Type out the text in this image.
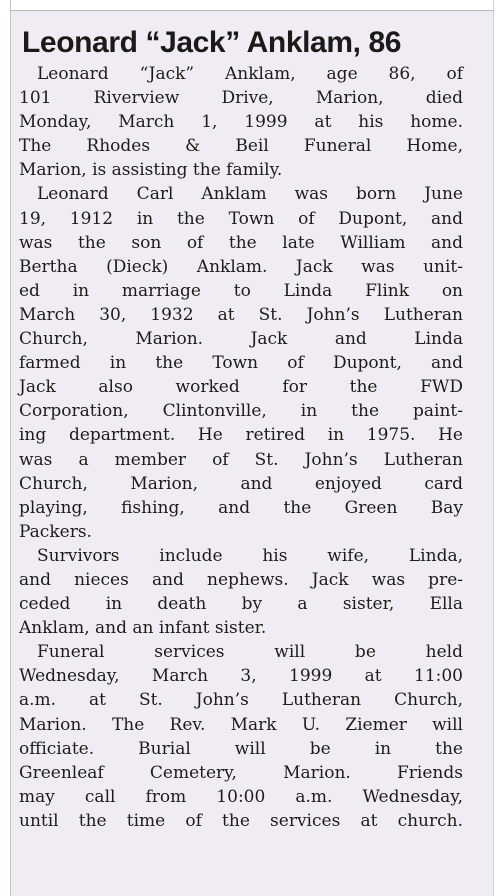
Leonard “Jack” Anklam, 86

Leonard “Jack” Anklam, age 86, of
101 Riverview Drive, Marion, died
Monday, March 1, 1999 at his home.
The Rhodes & Beil Funeral Home,
Marion, is assisting the family.

Leonard Carl Anklam was born June
19, 1912 in the Town of Dupont, and
was the son of the late William and
Bertha (Dieck) Anklam. Jack was unit-
ed in marriage to Linda Flink on
March 30, 1932 at St. John’s Lutheran
Church, Marion. Jack and Linda
farmed in the Town of Dupont, and
Jack also worked for the FWD
Corporation, Clintonville, in the paint-
ing department. He retired in 1975. He
was a member of St. John’s Lutheran
Church, Marion, and enjoyed card
playing, fishing, and the Green Bay
Packers.

Survivors include his wife, Linda,
and nieces and nephews. Jack was pre-
ceded in death by a sister, Ella
Anklam, and an infant sister.

Funeral services will be held
Wednesday, March 3, 1999 at 11:00
a.m. at St. John’s Lutheran Church,
Marion. The Rev. Mark U. Ziemer will
officiate. Burial will be in the
Greenleaf Cemetery, Marion. Friends
may call from 10:00 a.m. Wednesday,
until the time of the services at church.
